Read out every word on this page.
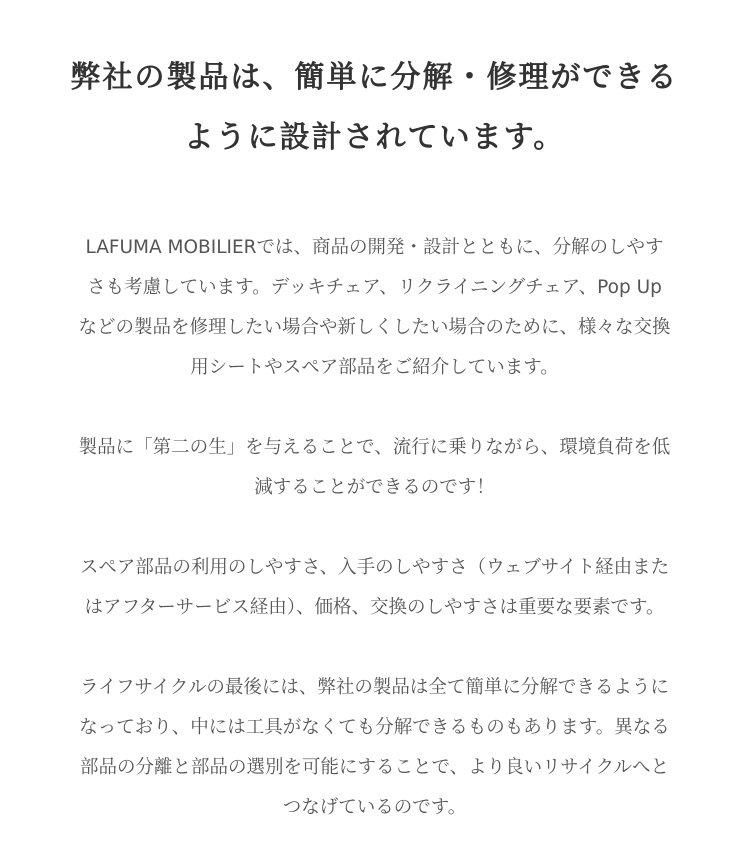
弊社の製品は、簡単に分解・修理ができる
ように設計されています。

LAFUMA MOBILIERでは、商品の開発・設計とともに、分解のしやす
さも考慮しています。デッキチェア、リクライニングチェア、Pop Up
などの製品を修理したい場合や新しくしたい場合のために、様々な交換
用シートやスペア部品をご紹介しています。

製品に「第二の生」を与えることで、流行に乗りながら、環境負荷を低
減することができるのです！

スペア部品の利用のしやすさ、入手のしやすさ（ウェブサイト経由また
はアフターサービス経由）、価格、交換のしやすさは重要な要素です。

ライフサイクルの最後には、弊社の製品は全て簡単に分解できるように
なっており、中には工具がなくても分解できるものもあります。異なる
部品の分離と部品の選別を可能にすることで、より良いリサイクルへと
つなげているのです。
